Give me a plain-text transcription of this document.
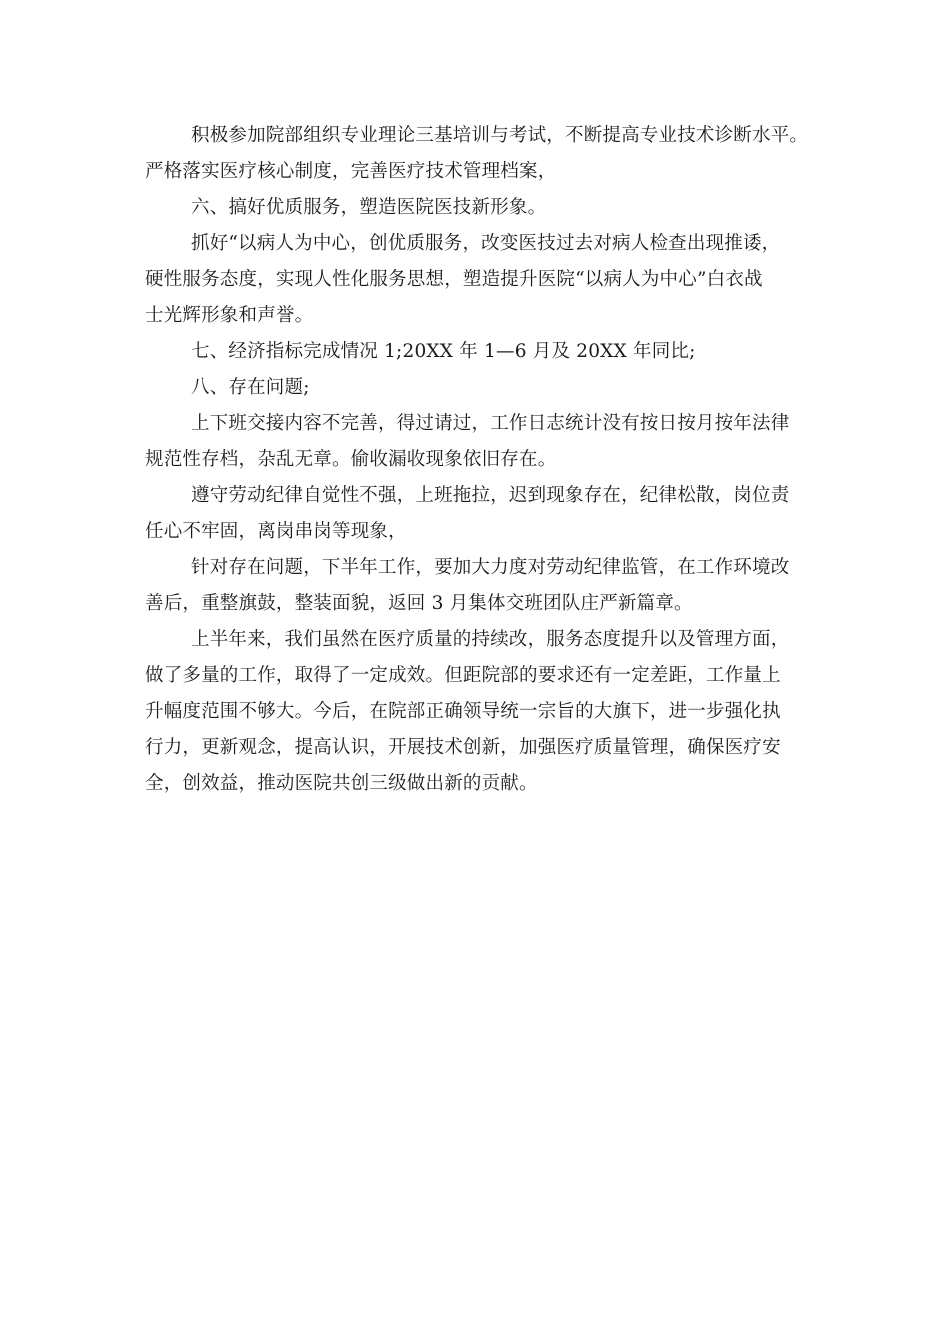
积极参加院部组织专业理论三基培训与考试，不断提高专业技术诊断水平。
严格落实医疗核心制度，完善医疗技术管理档案，
六、搞好优质服务，塑造医院医技新形象。
抓好“以病人为中心，创优质服务，改变医技过去对病人检查出现推诿，
硬性服务态度，实现人性化服务思想，塑造提升医院“以病人为中心”白衣战
士光辉形象和声誉。
七、经济指标完成情况 1;20XX 年 1—6 月及 20XX 年同比;
八、存在问题;
上下班交接内容不完善，得过请过，工作日志统计没有按日按月按年法律
规范性存档，杂乱无章。偷收漏收现象依旧存在。
遵守劳动纪律自觉性不强，上班拖拉，迟到现象存在，纪律松散，岗位责
任心不牢固，离岗串岗等现象，
针对存在问题，下半年工作，要加大力度对劳动纪律监管，在工作环境改
善后，重整旗鼓，整装面貌，返回 3 月集体交班团队庄严新篇章。
上半年来，我们虽然在医疗质量的持续改，服务态度提升以及管理方面，
做了多量的工作，取得了一定成效。但距院部的要求还有一定差距，工作量上
升幅度范围不够大。今后，在院部正确领导统一宗旨的大旗下，进一步强化执
行力，更新观念，提高认识，开展技术创新，加强医疗质量管理，确保医疗安
全，创效益，推动医院共创三级做出新的贡献。
